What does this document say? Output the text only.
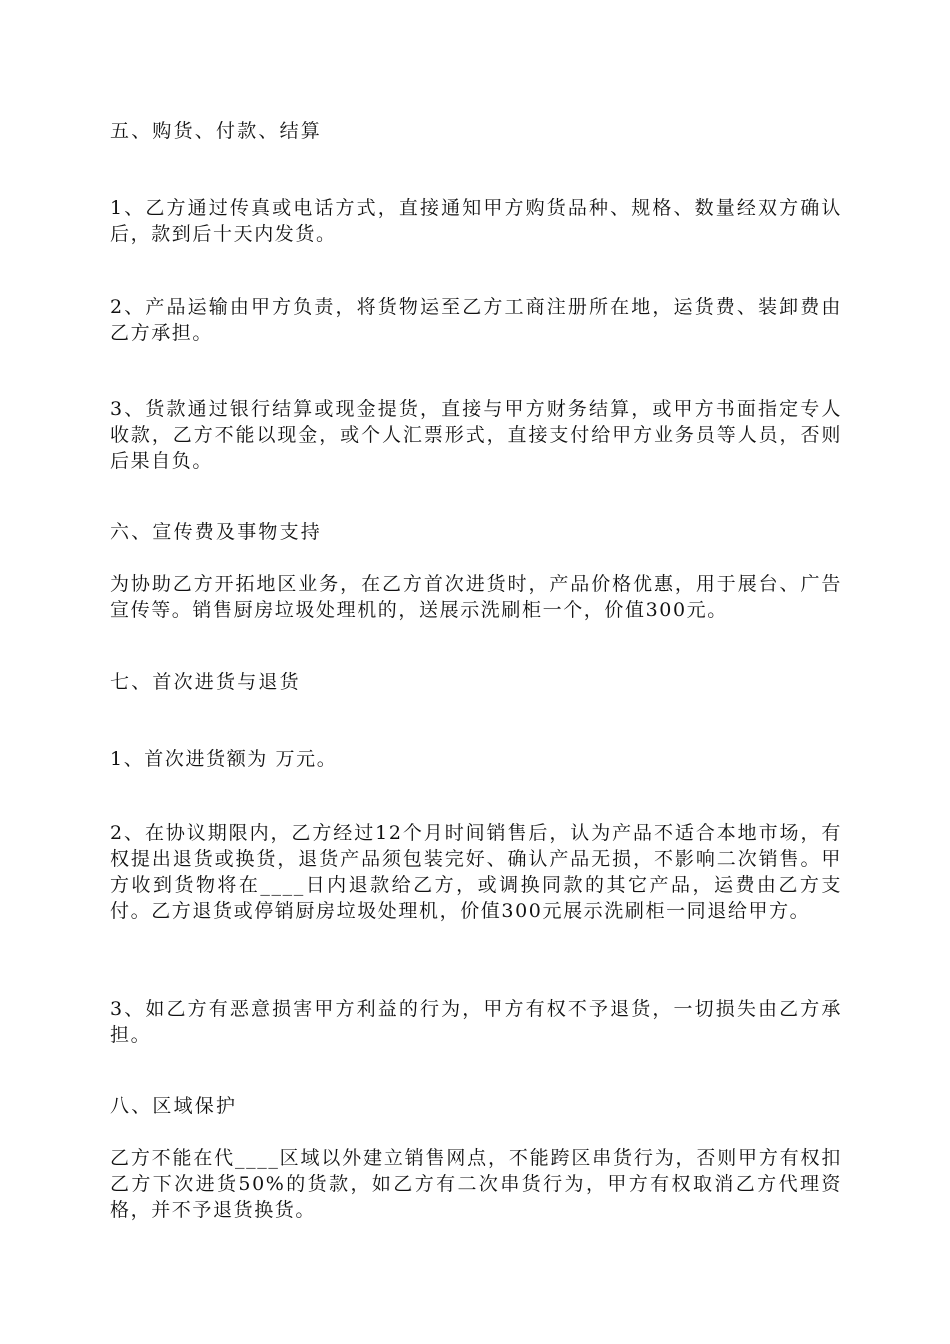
五、购货、付款、结算

1、乙方通过传真或电话方式，直接通知甲方购货品种、规格、数量经双方确认后，款到后十天内发货。

2、产品运输由甲方负责，将货物运至乙方工商注册所在地，运货费、装卸费由乙方承担。

3、货款通过银行结算或现金提货，直接与甲方财务结算，或甲方书面指定专人收款，乙方不能以现金，或个人汇票形式，直接支付给甲方业务员等人员，否则后果自负。

六、宣传费及事物支持

为协助乙方开拓地区业务，在乙方首次进货时，产品价格优惠，用于展台、广告宣传等。销售厨房垃圾处理机的，送展示洗刷柜一个，价值300元。

七、首次进货与退货

1、首次进货额为 万元。

2、在协议期限内，乙方经过12个月时间销售后，认为产品不适合本地市场，有权提出退货或换货，退货产品须包装完好、确认产品无损，不影响二次销售。甲方收到货物将在____日内退款给乙方，或调换同款的其它产品，运费由乙方支付。乙方退货或停销厨房垃圾处理机，价值300元展示洗刷柜一同退给甲方。

3、如乙方有恶意损害甲方利益的行为，甲方有权不予退货，一切损失由乙方承担。

八、区域保护

乙方不能在代____区域以外建立销售网点，不能跨区串货行为，否则甲方有权扣乙方下次进货50%的货款，如乙方有二次串货行为，甲方有权取消乙方代理资格，并不予退货换货。
